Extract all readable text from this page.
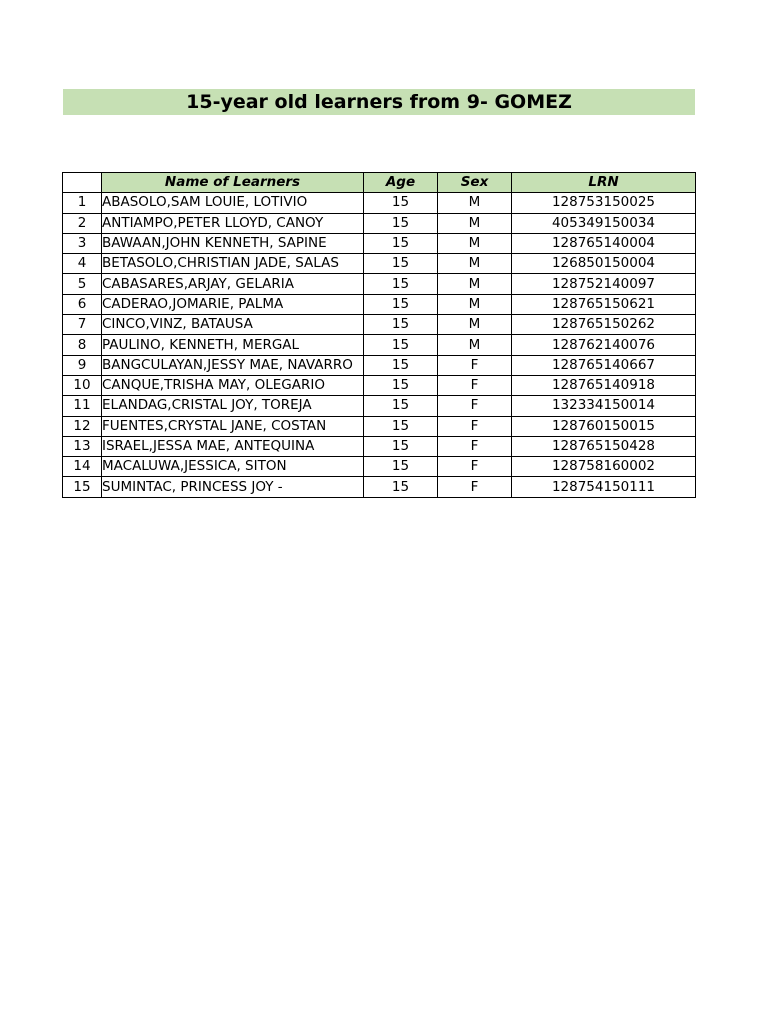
15-year old learners from 9- GOMEZ
	Name of Learners	Age	Sex	LRN
1	ABASOLO,SAM LOUIE, LOTIVIO	15	M	128753150025
2	ANTIAMPO,PETER LLOYD, CANOY	15	M	405349150034
3	BAWAAN,JOHN KENNETH, SAPINE	15	M	128765140004
4	BETASOLO,CHRISTIAN JADE, SALAS	15	M	126850150004
5	CABASARES,ARJAY, GELARIA	15	M	128752140097
6	CADERAO,JOMARIE, PALMA	15	M	128765150621
7	CINCO,VINZ, BATAUSA	15	M	128765150262
8	PAULINO, KENNETH, MERGAL	15	M	128762140076
9	BANGCULAYAN,JESSY MAE, NAVARRO	15	F	128765140667
10	CANQUE,TRISHA MAY, OLEGARIO	15	F	128765140918
11	ELANDAG,CRISTAL JOY, TOREJA	15	F	132334150014
12	FUENTES,CRYSTAL JANE, COSTAN	15	F	128760150015
13	ISRAEL,JESSA MAE, ANTEQUINA	15	F	128765150428
14	MACALUWA,JESSICA, SITON	15	F	128758160002
15	SUMINTAC, PRINCESS JOY -	15	F	128754150111
